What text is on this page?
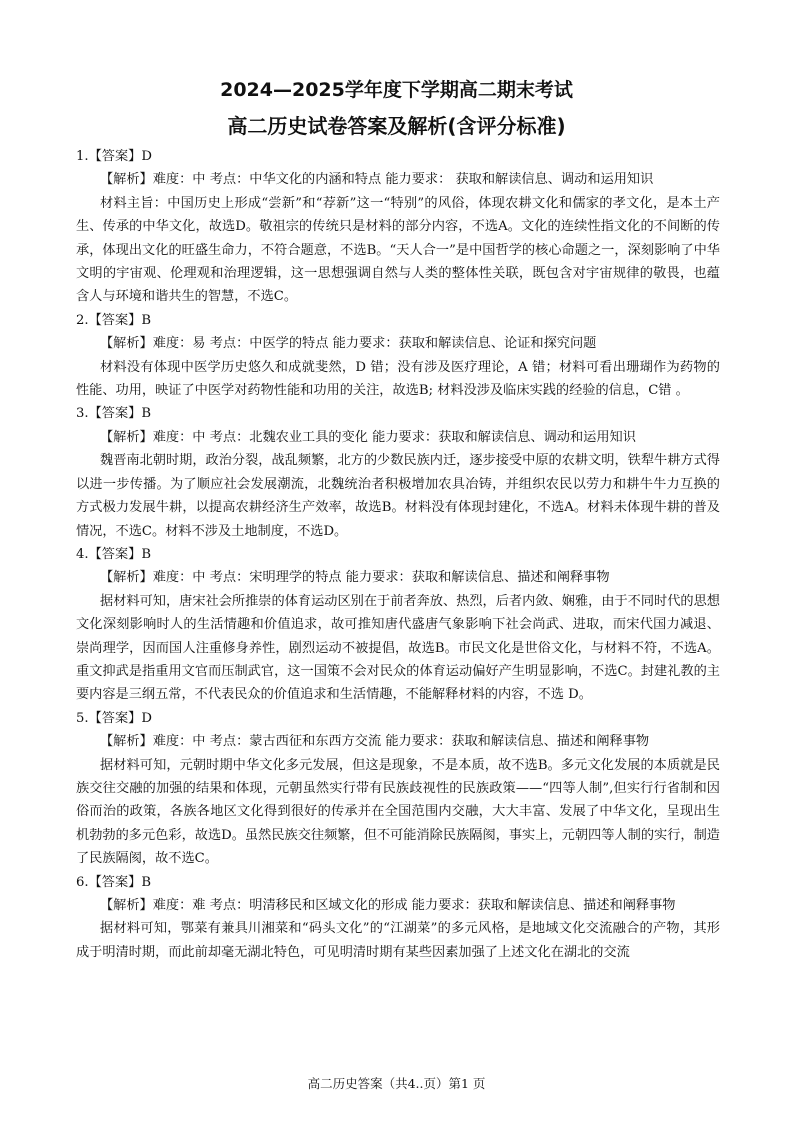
2024—2025学年度下学期高二期末考试
高二历史试卷答案及解析(含评分标准)

1.【答案】D

【解析】难度：中 考点：中华文化的内涵和特点 能力要求： 获取和解读信息、调动和运用知识

材料主旨：中国历史上形成“尝新”和“荐新”这一“特别”的风俗，体现农耕文化和儒家的孝文化，是本土产生、传承的中华文化，故选D。敬祖宗的传统只是材料的部分内容，不选A。文化的连续性指文化的不间断的传承，体现出文化的旺盛生命力，不符合题意，不选B。“天人合一”是中国哲学的核心命题之一，深刻影响了中华文明的宇宙观、伦理观和治理逻辑，这一思想强调自然与人类的整体性关联，既包含对宇宙规律的敬畏，也蕴含人与环境和谐共生的智慧，不选C。

2.【答案】B

【解析】难度：易 考点：中医学的特点 能力要求：获取和解读信息、论证和探究问题

材料没有体现中医学历史悠久和成就斐然，D 错；没有涉及医疗理论，A 错；材料可看出珊瑚作为药物的性能、功用，映证了中医学对药物性能和功用的关注，故选B; 材料没涉及临床实践的经验的信息，C错 。

3.【答案】B

【解析】难度：中 考点：北魏农业工具的变化 能力要求：获取和解读信息、调动和运用知识

魏晋南北朝时期，政治分裂，战乱频繁，北方的少数民族内迁，逐步接受中原的农耕文明，铁犁牛耕方式得以进一步传播。为了顺应社会发展潮流，北魏统治者积极增加农具冶铸，并组织农民以劳力和耕牛牛力互换的方式极力发展牛耕，以提高农耕经济生产效率，故选B。材料没有体现封建化，不选A。材料未体现牛耕的普及情况，不选C。材料不涉及土地制度，不选D。

4.【答案】B

【解析】难度：中 考点：宋明理学的特点 能力要求：获取和解读信息、描述和阐释事物

据材料可知，唐宋社会所推崇的体育运动区别在于前者奔放、热烈，后者内敛、娴雅，由于不同时代的思想文化深刻影响时人的生活情趣和价值追求，故可推知唐代盛唐气象影响下社会尚武、进取，而宋代国力减退、崇尚理学，因而国人注重修身养性，剧烈运动不被提倡，故选B。市民文化是世俗文化，与材料不符，不选A。重文抑武是指重用文官而压制武官，这一国策不会对民众的体育运动偏好产生明显影响，不选C。封建礼教的主要内容是三纲五常，不代表民众的价值追求和生活情趣，不能解释材料的内容，不选 D。

5.【答案】D

【解析】难度：中 考点：蒙古西征和东西方交流 能力要求：获取和解读信息、描述和阐释事物

据材料可知，元朝时期中华文化多元发展，但这是现象，不是本质，故不选B。多元文化发展的本质就是民族交往交融的加强的结果和体现，元朝虽然实行带有民族歧视性的民族政策——“四等人制”,但实行行省制和因俗而治的政策，各族各地区文化得到很好的传承并在全国范围内交融，大大丰富、发展了中华文化，呈现出生机勃勃的多元色彩，故选D。虽然民族交往频繁，但不可能消除民族隔阂，事实上，元朝四等人制的实行，制造了民族隔阂，故不选C。

6.【答案】B

【解析】难度：难 考点：明清移民和区域文化的形成 能力要求：获取和解读信息、描述和阐释事物

据材料可知，鄂菜有兼具川湘菜和“码头文化”的“江湖菜”的多元风格，是地域文化交流融合的产物，其形成于明清时期，而此前却毫无湖北特色，可见明清时期有某些因素加强了上述文化在湖北的交流

高二历史答案（共4..页）第1 页
